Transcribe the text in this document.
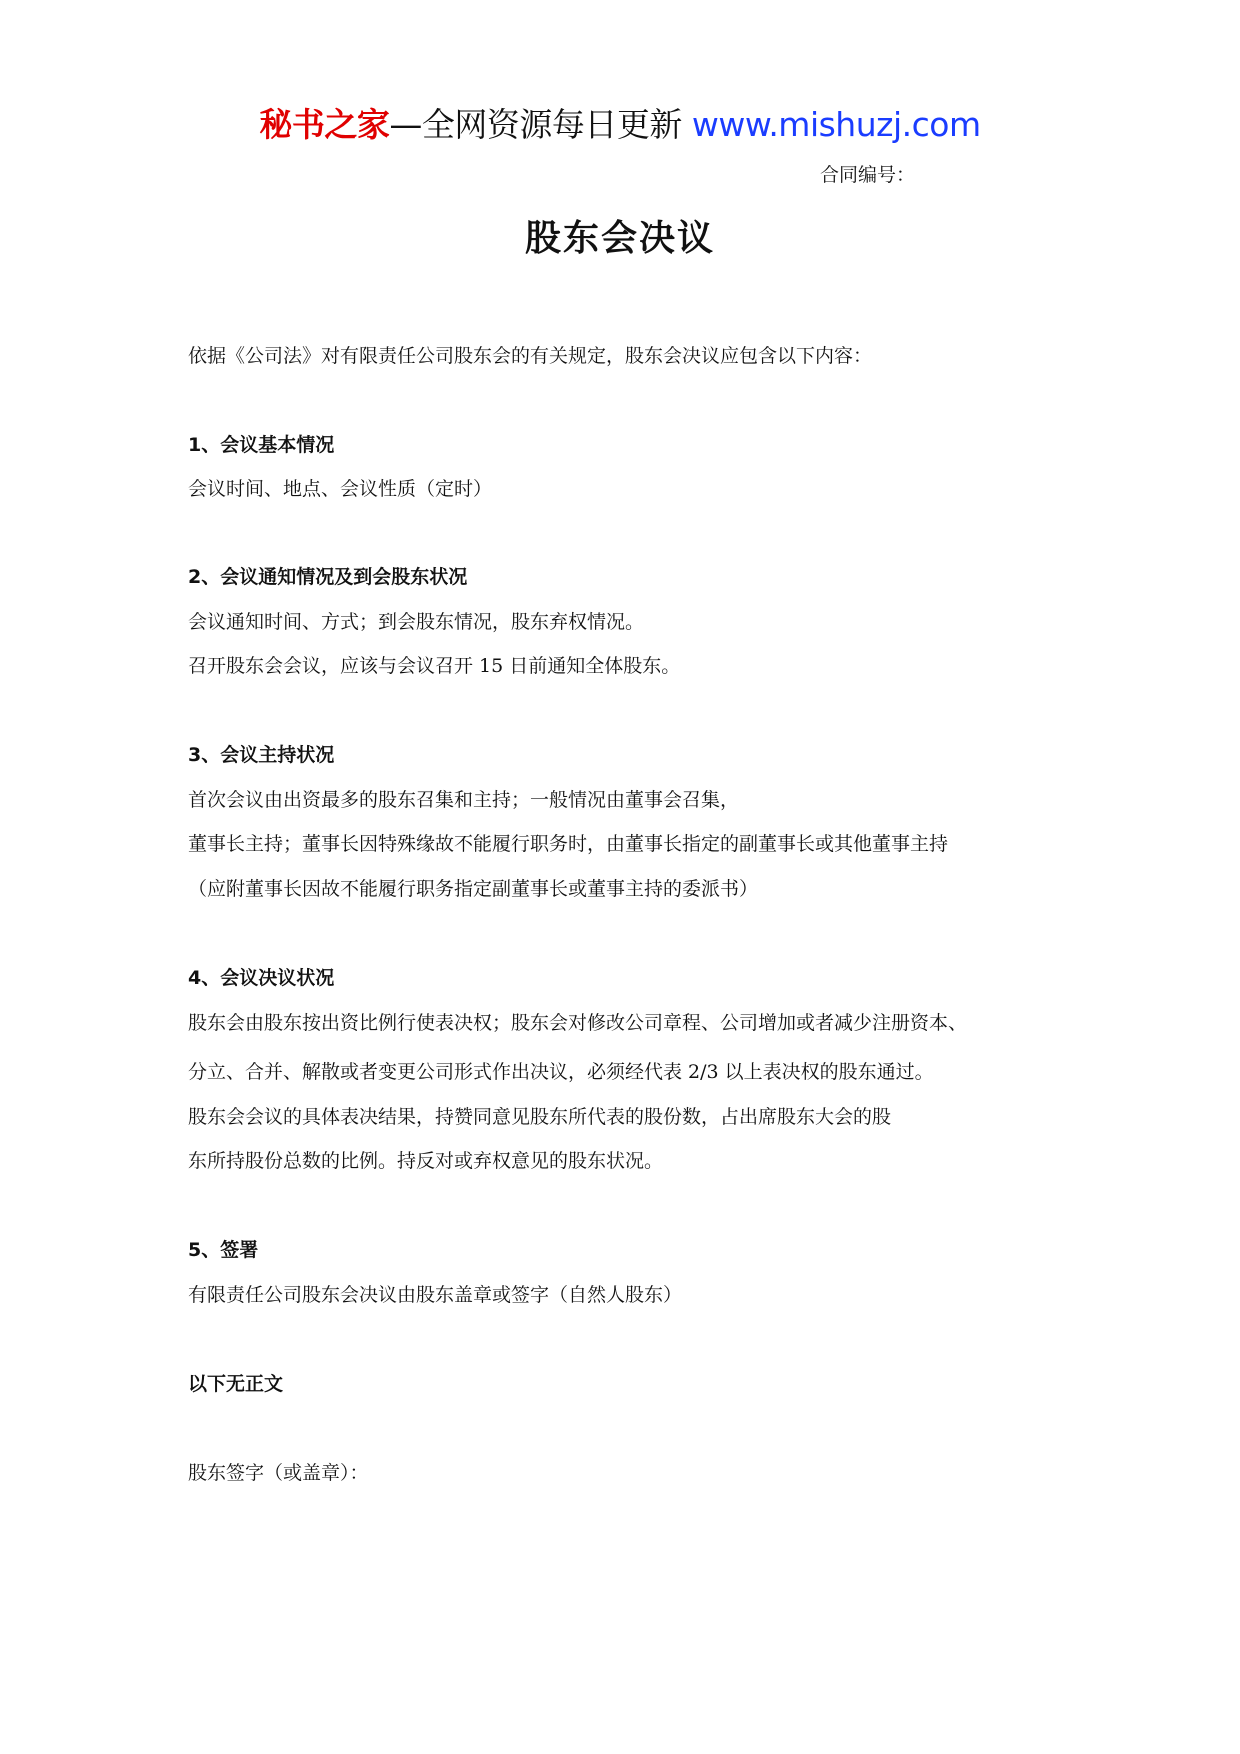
秘书之家—全网资源每日更新 www.mishuzj.com
合同编号：
股东会决议
依据《公司法》对有限责任公司股东会的有关规定，股东会决议应包含以下内容：
1、会议基本情况
会议时间、地点、会议性质（定时）
2、会议通知情况及到会股东状况
会议通知时间、方式；到会股东情况，股东弃权情况。
召开股东会会议，应该与会议召开 15 日前通知全体股东。
3、会议主持状况
首次会议由出资最多的股东召集和主持；一般情况由董事会召集，
董事长主持；董事长因特殊缘故不能履行职务时，由董事长指定的副董事长或其他董事主持
（应附董事长因故不能履行职务指定副董事长或董事主持的委派书）
4、会议决议状况
股东会由股东按出资比例行使表决权；股东会对修改公司章程、公司增加或者减少注册资本、
分立、合并、解散或者变更公司形式作出决议，必须经代表 2/3 以上表决权的股东通过。
股东会会议的具体表决结果，持赞同意见股东所代表的股份数，占出席股东大会的股
东所持股份总数的比例。持反对或弃权意见的股东状况。
5、签署
有限责任公司股东会决议由股东盖章或签字（自然人股东）
以下无正文
股东签字（或盖章）：
